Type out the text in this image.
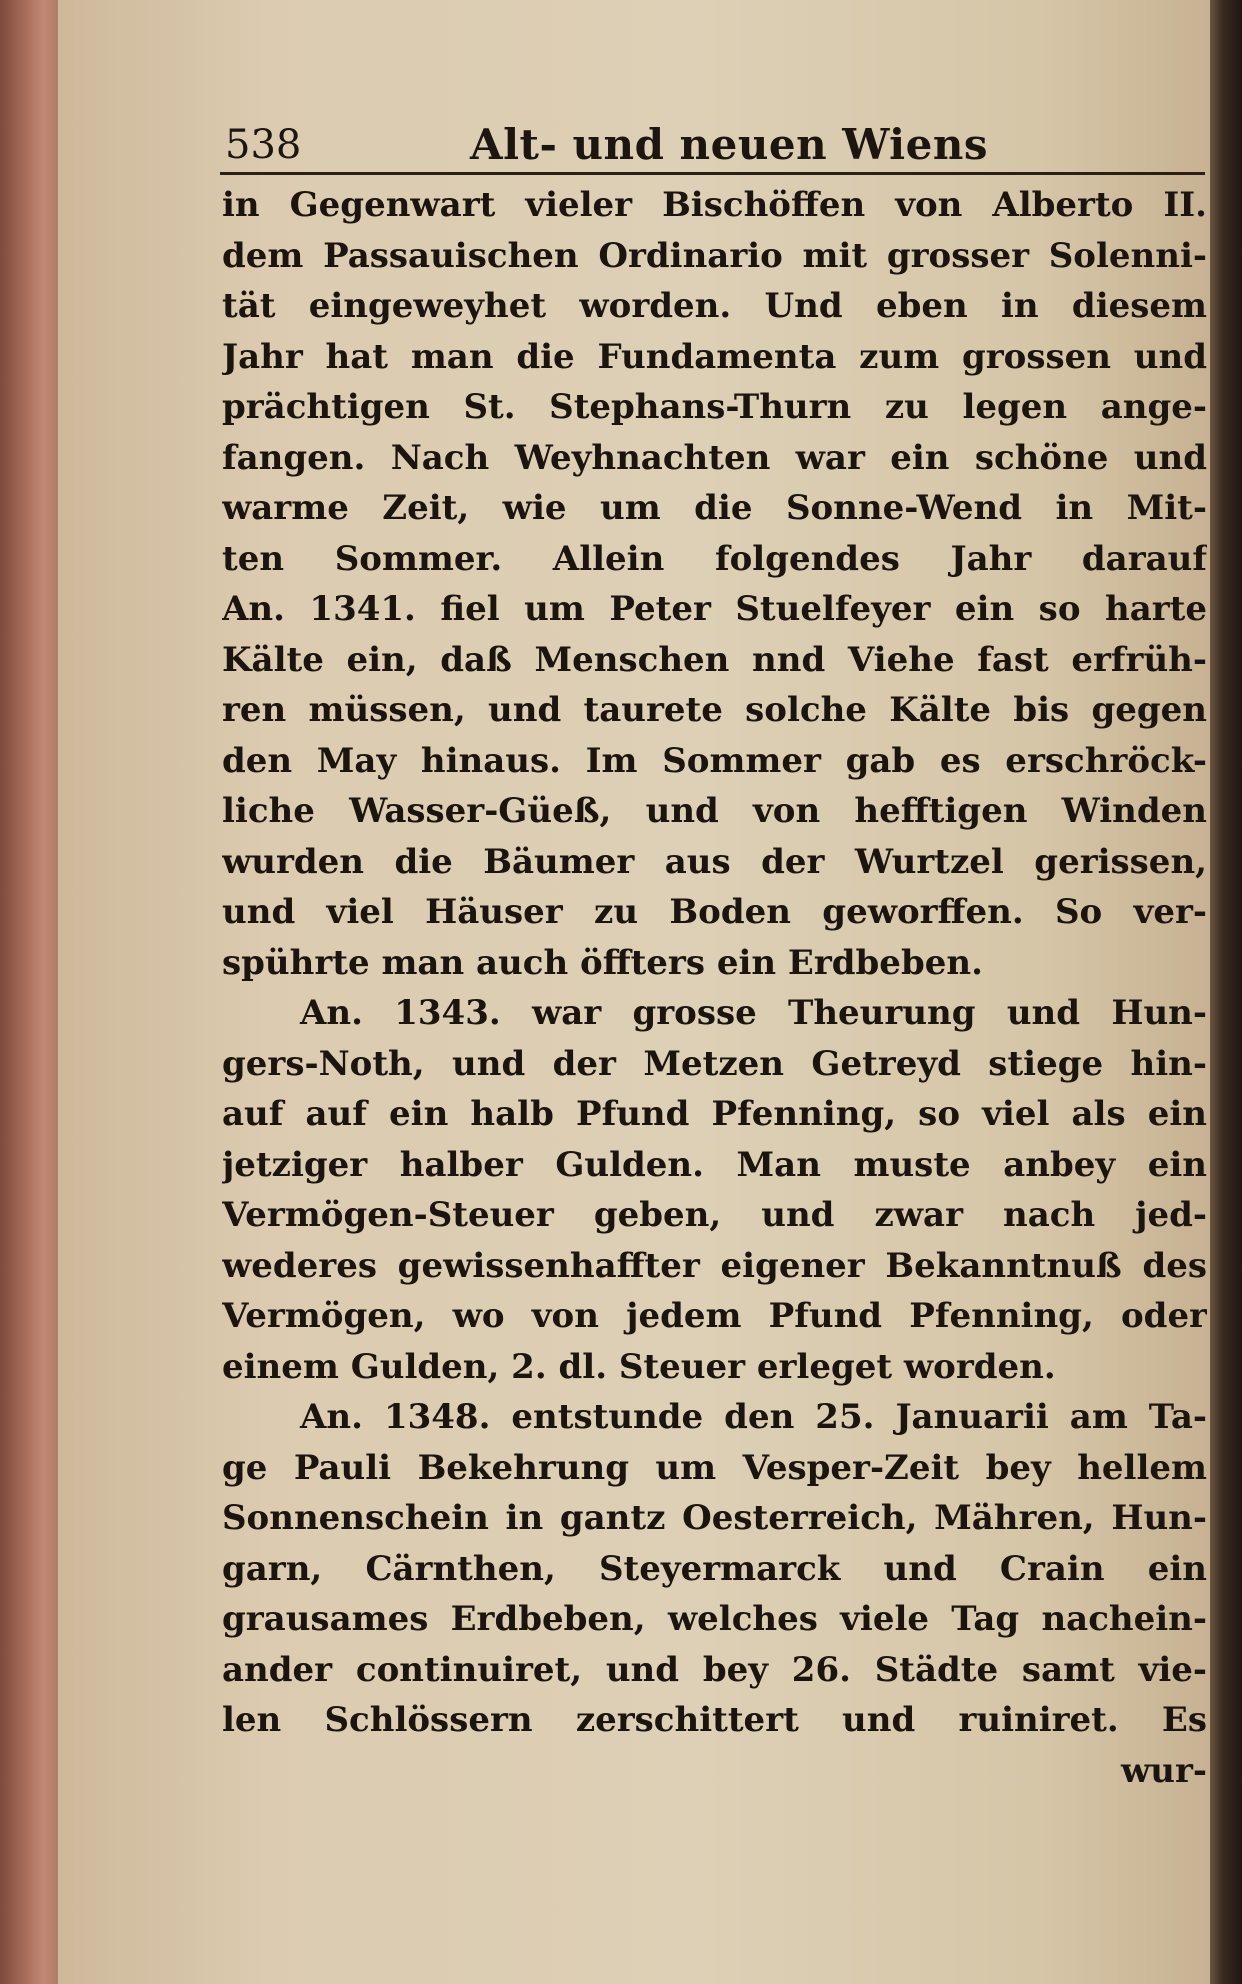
538	Alt- und neuen Wiens
in Gegenwart vieler Bischöffen von Alberto II.
dem Passauischen Ordinario mit grosser Solenni-
tät eingeweyhet worden. Und eben in diesem
Jahr hat man die Fundamenta zum grossen und
prächtigen St. Stephans-Thurn zu legen ange-
fangen. Nach Weyhnachten war ein schöne und
warme Zeit, wie um die Sonne-Wend in Mit-
ten Sommer. Allein folgendes Jahr darauf
An. 1341. fiel um Peter Stuelfeyer ein so harte
Kälte ein, daß Menschen nnd Viehe fast erfrüh-
ren müssen, und taurete solche Kälte bis gegen
den May hinaus. Im Sommer gab es erschröck-
liche Wasser-Güeß, und von hefftigen Winden
wurden die Bäumer aus der Wurtzel gerissen,
und viel Häuser zu Boden geworffen. So ver-
spührte man auch öffters ein Erdbeben.
An. 1343. war grosse Theurung und Hun-
gers-Noth, und der Metzen Getreyd stiege hin-
auf auf ein halb Pfund Pfenning, so viel als ein
jetziger halber Gulden. Man muste anbey ein
Vermögen-Steuer geben, und zwar nach jed-
wederes gewissenhaffter eigener Bekanntnuß des
Vermögen, wo von jedem Pfund Pfenning, oder
einem Gulden, 2. dl. Steuer erleget worden.
An. 1348. entstunde den 25. Januarii am Ta-
ge Pauli Bekehrung um Vesper-Zeit bey hellem
Sonnenschein in gantz Oesterreich, Mähren, Hun-
garn, Cärnthen, Steyermarck und Crain ein
grausames Erdbeben, welches viele Tag nachein-
ander continuiret, und bey 26. Städte samt vie-
len Schlössern zerschittert und ruiniret. Es
wur-
